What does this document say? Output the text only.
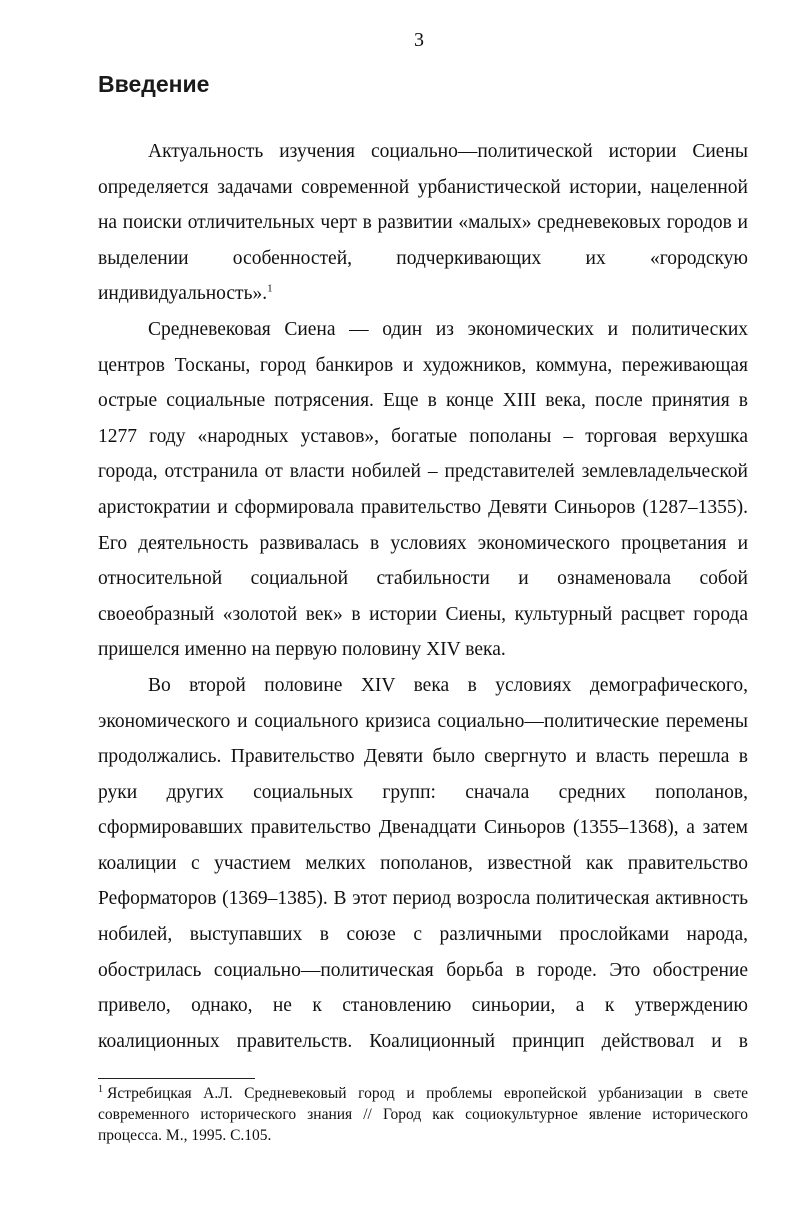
3
Введение

Актуальность изучения социально—политической истории Сиены
определяется задачами современной урбанистической истории, нацеленной
на поиски отличительных черт в развитии «малых» средневековых городов и
выделении особенностей, подчеркивающих их «городскую
индивидуальность».$^1$

Средневековая Сиена — один из экономических и политических
центров Тосканы, город банкиров и художников, коммуна, переживающая
острые социальные потрясения. Еще в конце XIII века, после принятия в
1277 году «народных уставов», богатые пополаны – торговая верхушка
города, отстранила от власти нобилей – представителей землевладельческой
аристократии и сформировала правительство Девяти Синьоров (1287–1355).
Его деятельность развивалась в условиях экономического процветания и
относительной социальной стабильности и ознаменовала собой
своеобразный «золотой век» в истории Сиены, культурный расцвет города
пришелся именно на первую половину XIV века.

Во второй половине XIV века в условиях демографического,
экономического и социального кризиса социально—политические перемены
продолжались. Правительство Девяти было свергнуто и власть перешла в
руки других социальных групп: сначала средних пополанов,
сформировавших правительство Двенадцати Синьоров (1355–1368), а затем
коалиции с участием мелких пополанов, известной как правительство
Реформаторов (1369–1385). В этот период возросла политическая активность
нобилей, выступавших в союзе с различными прослойками народа,
обострилась социально—политическая борьба в городе. Это обострение
привело, однако, не к становлению синьории, а к утверждению
коалиционных правительств. Коалиционный принцип действовал и в

$^1$ Ястребицкая А.Л. Средневековый город и проблемы европейской урбанизации в свете
современного исторического знания // Город как социокультурное явление исторического
процесса. М., 1995. С.105.
